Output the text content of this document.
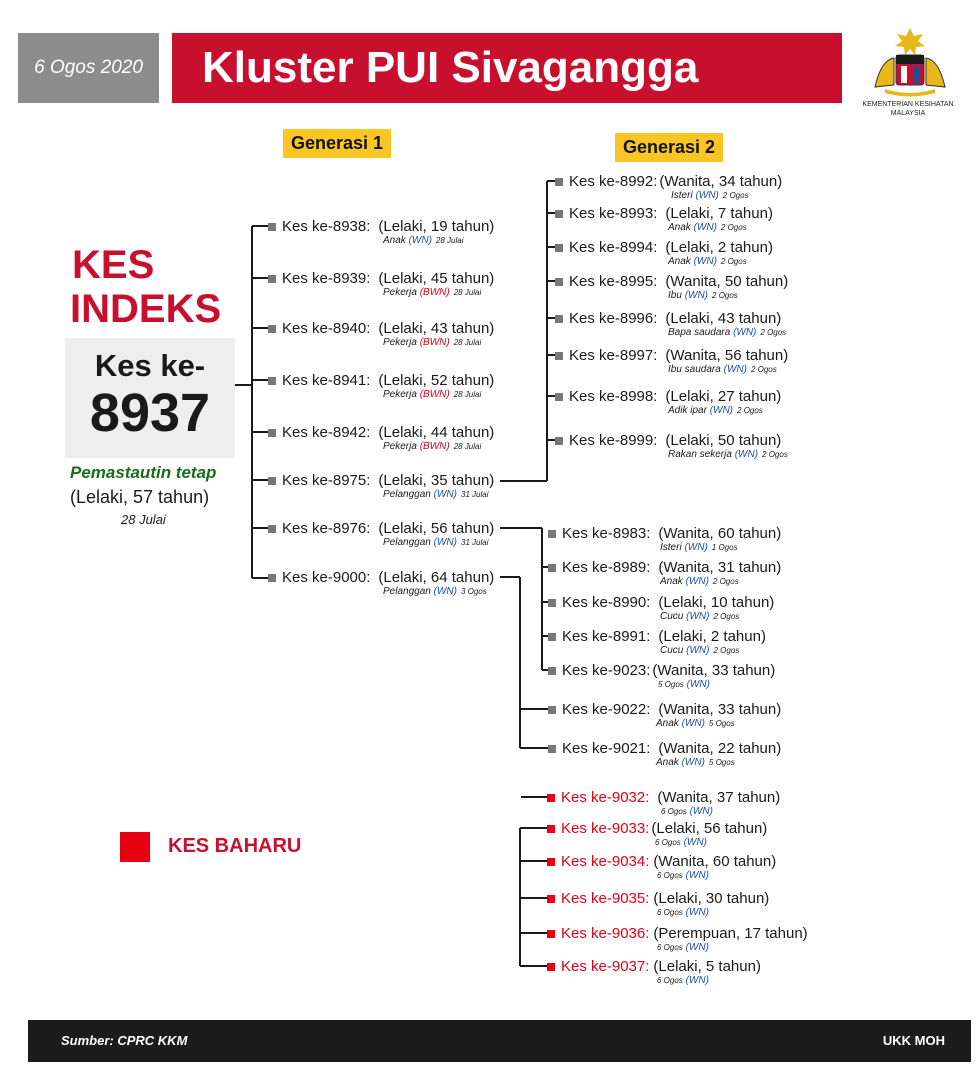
6 Ogos 2020	Kluster PUI Sivagangga
KEMENTERIAN KESIHATAN MALAYSIA
Generasi 1	Generasi 2
KES
INDEKS
Kes ke-
8937
Pemastautin tetap
(Lelaki, 57 tahun)
28 Julai
Kes ke-8938: (Lelaki, 19 tahun)
Anak (WN) 28 Julai
Kes ke-8939: (Lelaki, 45 tahun)
Pekerja (BWN) 28 Julai
Kes ke-8940: (Lelaki, 43 tahun)
Pekerja (BWN) 28 Julai
Kes ke-8941: (Lelaki, 52 tahun)
Pekerja (BWN) 28 Julai
Kes ke-8942: (Lelaki, 44 tahun)
Pekerja (BWN) 28 Julai
Kes ke-8975: (Lelaki, 35 tahun)
Pelanggan (WN) 31 Julai
Kes ke-8976: (Lelaki, 56 tahun)
Pelanggan (WN) 31 Julai
Kes ke-9000: (Lelaki, 64 tahun)
Pelanggan (WN) 3 Ogos
Kes ke-8992: (Wanita, 34 tahun)
Isteri (WN) 2 Ogos
Kes ke-8993: (Lelaki, 7 tahun)
Anak (WN) 2 Ogos
Kes ke-8994: (Lelaki, 2 tahun)
Anak (WN) 2 Ogos
Kes ke-8995: (Wanita, 50 tahun)
Ibu (WN) 2 Ogos
Kes ke-8996: (Lelaki, 43 tahun)
Bapa saudara (WN) 2 Ogos
Kes ke-8997: (Wanita, 56 tahun)
Ibu saudara (WN) 2 Ogos
Kes ke-8998: (Lelaki, 27 tahun)
Adik ipar (WN) 2 Ogos
Kes ke-8999: (Lelaki, 50 tahun)
Rakan sekerja (WN) 2 Ogos
Kes ke-8983: (Wanita, 60 tahun)
Isteri (WN) 1 Ogos
Kes ke-8989: (Wanita, 31 tahun)
Anak (WN) 2 Ogos
Kes ke-8990: (Lelaki, 10 tahun)
Cucu (WN) 2 Ogos
Kes ke-8991: (Lelaki, 2 tahun)
Cucu (WN) 2 Ogos
Kes ke-9023: (Wanita, 33 tahun)
5 Ogos (WN)
Kes ke-9022: (Wanita, 33 tahun)
Anak (WN) 5 Ogos
Kes ke-9021: (Wanita, 22 tahun)
Anak (WN) 5 Ogos
Kes ke-9032: (Wanita, 37 tahun)
6 Ogos (WN)
Kes ke-9033: (Lelaki, 56 tahun)
6 Ogos (WN)
Kes ke-9034: (Wanita, 60 tahun)
6 Ogos (WN)
Kes ke-9035: (Lelaki, 30 tahun)
6 Ogos (WN)
Kes ke-9036: (Perempuan, 17 tahun)
6 Ogos (WN)
Kes ke-9037: (Lelaki, 5 tahun)
6 Ogos (WN)
KES BAHARU
Sumber: CPRC KKM	UKK MOH
